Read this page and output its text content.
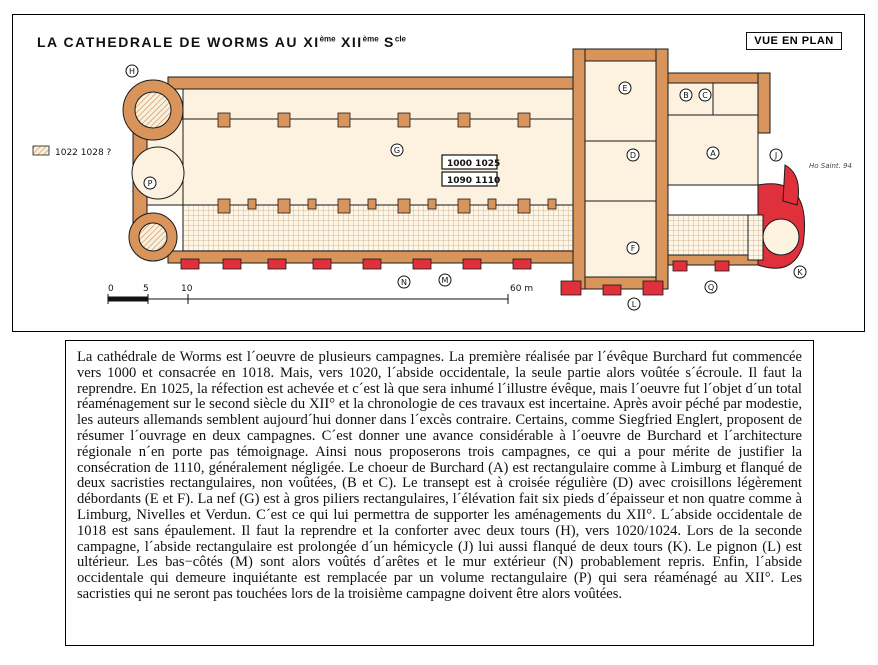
1022 1028 ?
1000 1025
1090 1110
Ho Saint. 94
0	5	10	60 m
A
B C
D
E
F
G
H
J
K
L
M
N
P
Q
LA CATHEDRALE DE WORMS AU XIème XIIème $S^{cle}$	VUE EN PLAN

La cathédrale de Worms est l´oeuvre de plusieurs campagnes. La première réalisée par l´évêque Burchard fut commencée vers 1000 et consacrée en 1018. Mais, vers 1020, l´abside occidentale, la seule partie alors voûtée s´écroule. Il faut la reprendre. En 1025, la réfection est achevée et c´est là que sera inhumé l´illustre évêque, mais l´oeuvre fut l´objet d´un total réaménagement sur le second siècle du XII° et la chronologie de ces travaux est incertaine. Après avoir péché par modestie, les auteurs allemands semblent aujourd´hui donner dans l´excès contraire. Certains, comme Siegfried Englert, proposent de résumer l´ouvrage en deux campagnes. C´est donner une avance considérable à l´oeuvre de Burchard et l´architecture régionale n´en porte pas témoignage. Ainsi nous proposerons trois campagnes, ce qui a pour mérite de justifier la consécration de 1110, généralement négligée. Le choeur de Burchard (A) est rectangulaire comme à Limburg et flanqué de deux sacristies rectangulaires, non voûtées, (B et C). Le transept est à croisée régulière (D) avec croisillons légèrement débordants (E et F). La nef (G) est à gros piliers rectangulaires, l´élévation fait six pieds d´épaisseur et non quatre comme à Limburg, Nivelles et Verdun. C´est ce qui lui permettra de supporter les aménagements du XII°. L´abside occidentale de 1018 est sans épaulement. Il faut la reprendre et la conforter avec deux tours (H), vers 1020/1024. Lors de la seconde campagne, l´abside rectangulaire est prolongée d´un hémicycle (J) lui aussi flanqué de deux tours (K). Le pignon (L) est ultérieur. Les bas−côtés (M) sont alors voûtés d´arêtes et le mur extérieur (N) probablement repris. Enfin, l´abside occidentale qui demeure inquiétante est remplacée par un volume rectangulaire (P) qui sera réaménagé au XII°. Les sacristies qui ne seront pas touchées lors de la troisième campagne doivent être alors voûtées.
